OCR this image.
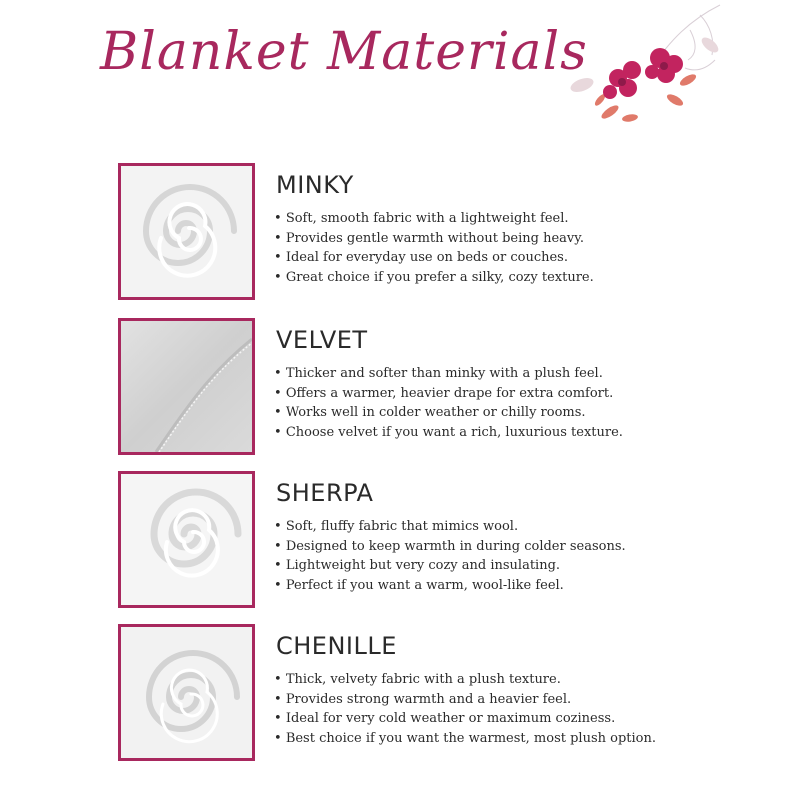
Blanket Materials
MINKY
• Soft, smooth fabric with a lightweight feel.
• Provides gentle warmth without being heavy.
• Ideal for everyday use on beds or couches.
• Great choice if you prefer a silky, cozy texture.
VELVET
• Thicker and softer than minky with a plush feel.
• Offers a warmer, heavier drape for extra comfort.
• Works well in colder weather or chilly rooms.
• Choose velvet if you want a rich, luxurious texture.
SHERPA
• Soft, fluffy fabric that mimics wool.
• Designed to keep warmth in during colder seasons.
• Lightweight but very cozy and insulating.
• Perfect if you want a warm, wool-like feel.
CHENILLE
• Thick, velvety fabric with a plush texture.
• Provides strong warmth and a heavier feel.
• Ideal for very cold weather or maximum coziness.
• Best choice if you want the warmest, most plush option.
